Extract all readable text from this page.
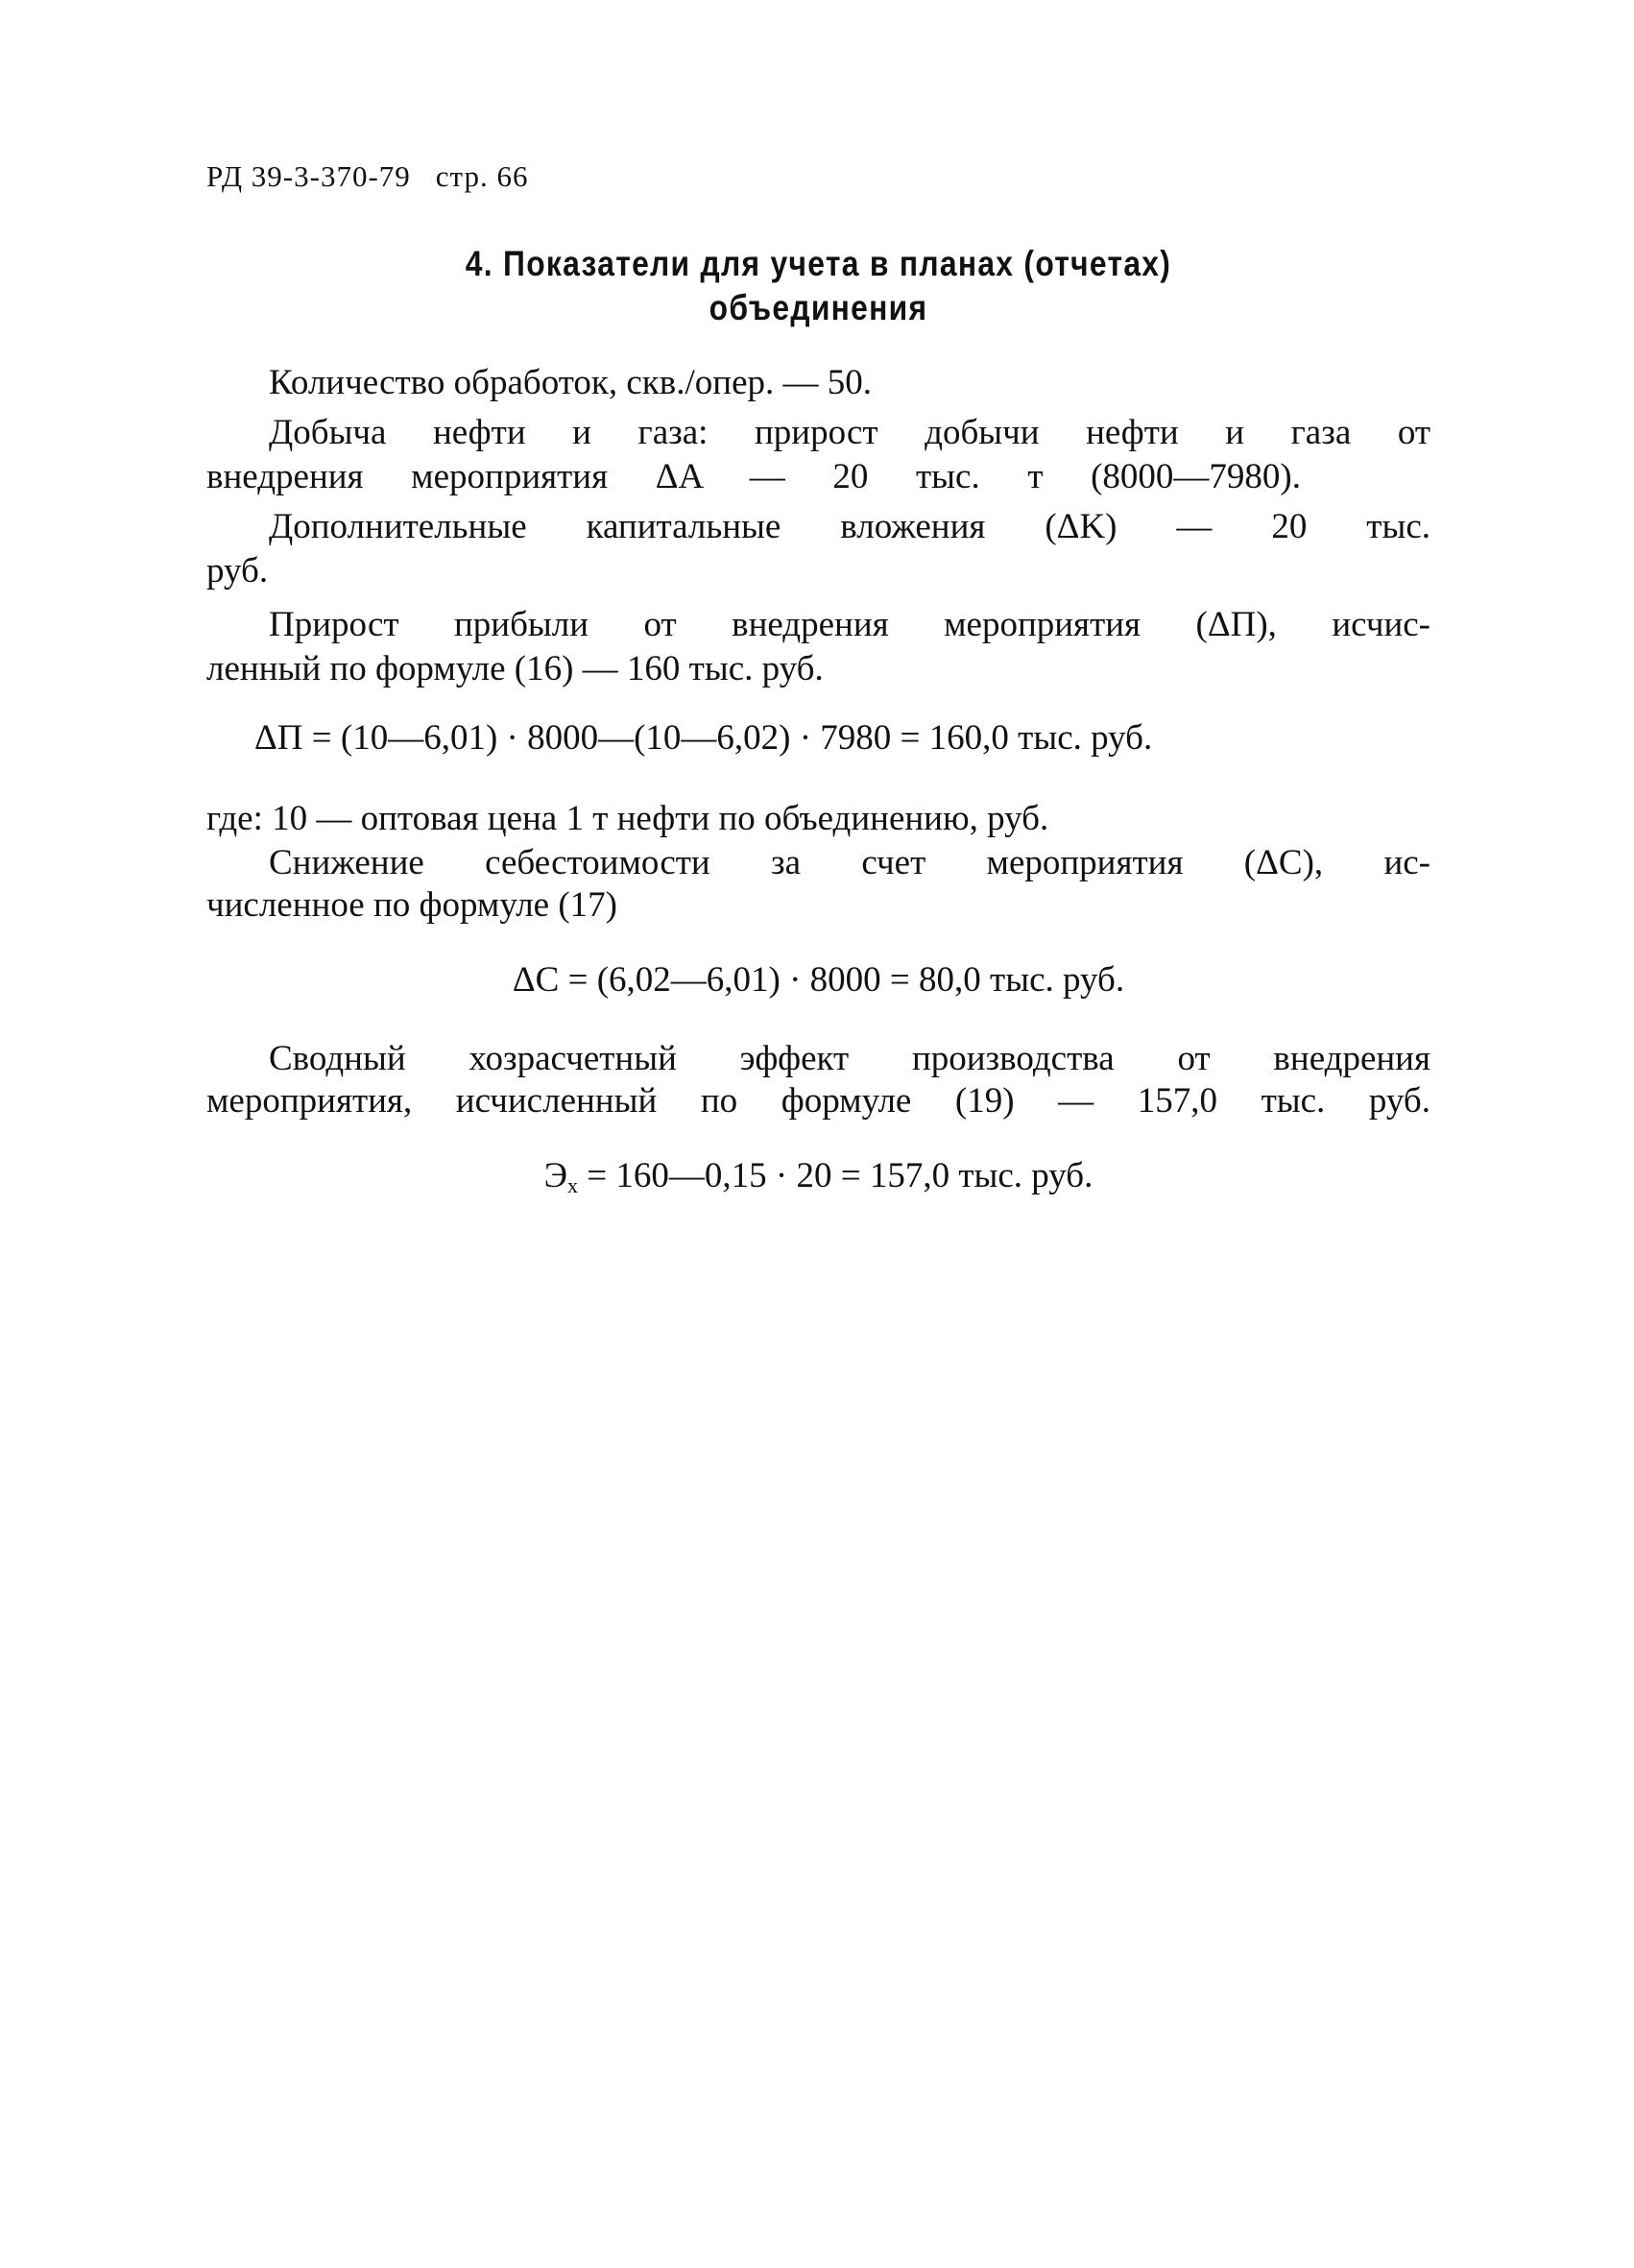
РД 39-3-370-79 стр. 66
4. Показатели для учета в планах (отчетах)
объединения
Количество обработок, скв./опер. — 50.
Добыча нефти и газа: прирост добычи нефти и газа от
внедрения мероприятия ΔA — 20 тыс. т (8000—7980).
Дополнительные капитальные вложения (ΔK) — 20 тыс.
руб.
Прирост прибыли от внедрения мероприятия (ΔП), исчис-
ленный по формуле (16) — 160 тыс. руб.
ΔП = (10—6,01) · 8000—(10—6,02) · 7980 = 160,0 тыс. руб.
где: 10 — оптовая цена 1 т нефти по объединению, руб.
Снижение себестоимости за счет мероприятия (ΔC), ис-
численное по формуле (17)
ΔC = (6,02—6,01) · 8000 = 80,0 тыс. руб.
Сводный хозрасчетный эффект производства от внедрения
мероприятия, исчисленный по формуле (19) — 157,0 тыс. руб.
$Э_х$ = 160—0,15 · 20 = 157,0 тыс. руб.
